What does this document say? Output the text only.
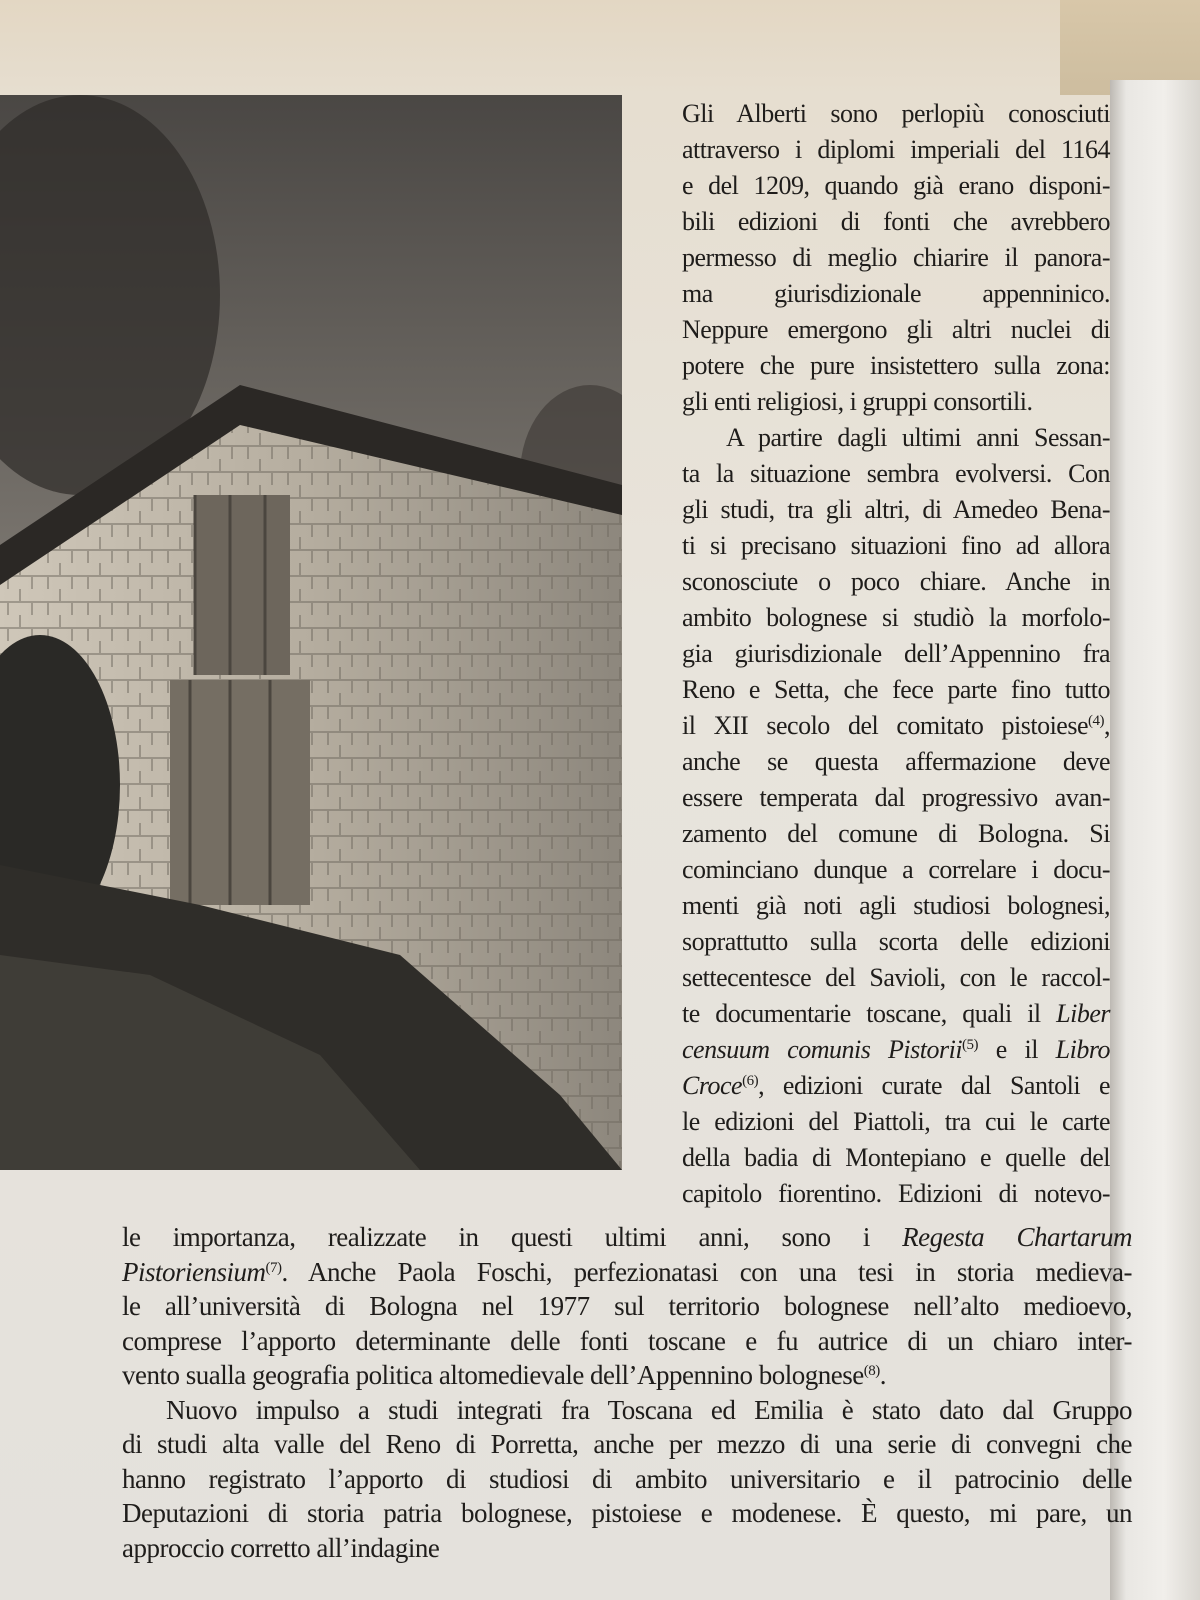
Gli Alberti sono perlopiù conosciuti
attraverso i diplomi imperiali del 1164
e del 1209, quando già erano disponi-
bili edizioni di fonti che avrebbero
permesso di meglio chiarire il panora-
ma giurisdizionale appenninico.
Neppure emergono gli altri nuclei di
potere che pure insistettero sulla zona:
gli enti religiosi, i gruppi consortili.
A partire dagli ultimi anni Sessan-
ta la situazione sembra evolversi. Con
gli studi, tra gli altri, di Amedeo Bena-
ti si precisano situazioni fino ad allora
sconosciute o poco chiare. Anche in
ambito bolognese si studiò la morfolo-
gia giurisdizionale dell’Appennino fra
Reno e Setta, che fece parte fino tutto
il XII secolo del comitato pistoiese$^{(4)}$,
anche se questa affermazione deve
essere temperata dal progressivo avan-
zamento del comune di Bologna. Si
cominciano dunque a correlare i docu-
menti già noti agli studiosi bolognesi,
soprattutto sulla scorta delle edizioni
settecentesce del Savioli, con le raccol-
te documentarie toscane, quali il Liber
censuum comunis Pistorii$^{(5)}$ e il Libro
Croce$^{(6)}$, edizioni curate dal Santoli e
le edizioni del Piattoli, tra cui le carte
della badia di Montepiano e quelle del
capitolo fiorentino. Edizioni di notevo-
le importanza, realizzate in questi ultimi anni, sono i Regesta Chartarum
Pistoriensium$^{(7)}$. Anche Paola Foschi, perfezionatasi con una tesi in storia medieva-
le all’università di Bologna nel 1977 sul territorio bolognese nell’alto medioevo,
comprese l’apporto determinante delle fonti toscane e fu autrice di un chiaro inter-
vento sualla geografia politica altomedievale dell’Appennino bolognese$^{(8)}$.
Nuovo impulso a studi integrati fra Toscana ed Emilia è stato dato dal Gruppo
di studi alta valle del Reno di Porretta, anche per mezzo di una serie di convegni che
hanno registrato l’apporto di studiosi di ambito universitario e il patrocinio delle
Deputazioni di storia patria bolognese, pistoiese e modenese. È questo, mi pare, un
approccio corretto all’indagine
